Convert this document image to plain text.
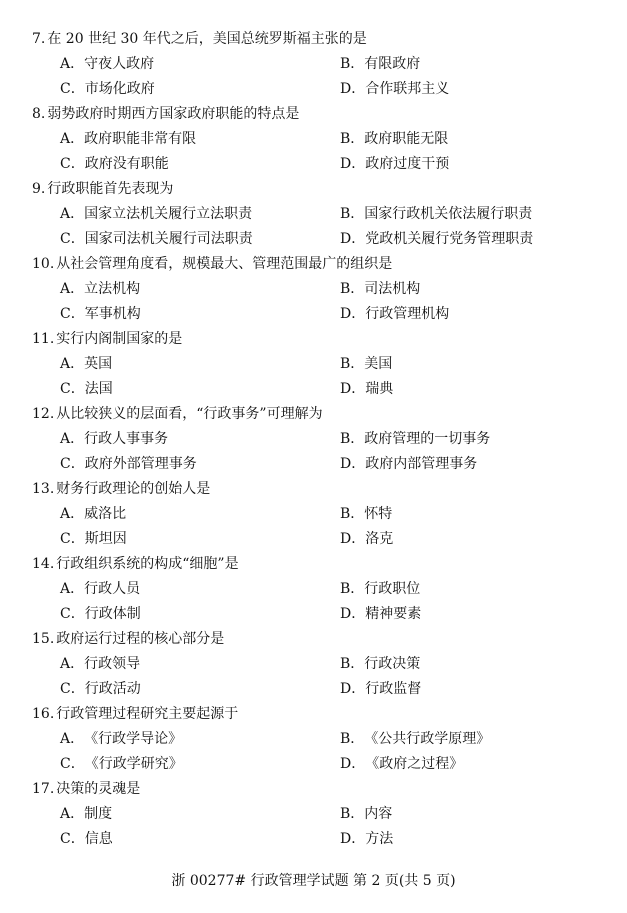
7. 在 20 世纪 30 年代之后，美国总统罗斯福主张的是
A．守夜人政府	B．有限政府
C．市场化政府	D．合作联邦主义
8. 弱势政府时期西方国家政府职能的特点是
A．政府职能非常有限	B．政府职能无限
C．政府没有职能	D．政府过度干预
9. 行政职能首先表现为
A．国家立法机关履行立法职责	B．国家行政机关依法履行职责
C．国家司法机关履行司法职责	D．党政机关履行党务管理职责
10. 从社会管理角度看，规模最大、管理范围最广的组织是
A．立法机构	B．司法机构
C．军事机构	D．行政管理机构
11. 实行内阁制国家的是
A．英国	B．美国
C．法国	D．瑞典
12. 从比较狭义的层面看，“行政事务”可理解为
A．行政人事事务	B．政府管理的一切事务
C．政府外部管理事务	D．政府内部管理事务
13. 财务行政理论的创始人是
A．威洛比	B．怀特
C．斯坦因	D．洛克
14. 行政组织系统的构成“细胞”是
A．行政人员	B．行政职位
C．行政体制	D．精神要素
15. 政府运行过程的核心部分是
A．行政领导	B．行政决策
C．行政活动	D．行政监督
16. 行政管理过程研究主要起源于
A．《行政学导论》	B．《公共行政学原理》
C．《行政学研究》	D．《政府之过程》
17. 决策的灵魂是
A．制度	B．内容
C．信息	D．方法
浙 00277# 行政管理学试题 第 2 页(共 5 页)
